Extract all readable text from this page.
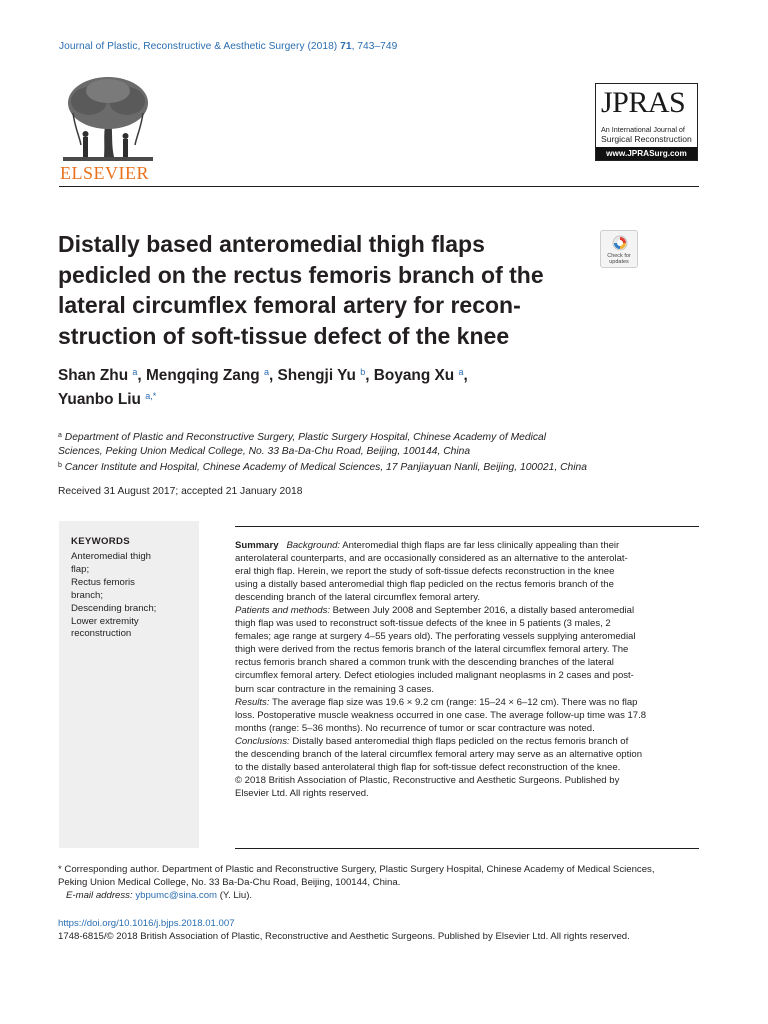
Journal of Plastic, Reconstructive & Aesthetic Surgery (2018) 71, 743–749
ELSEVIER
JPRAS
An International Journal of
Surgical Reconstruction
www.JPRASurg.com
Distally based anteromedial thigh flaps
pedicled on the rectus femoris branch of the
lateral circumflex femoral artery for recon-
struction of soft-tissue defect of the knee
Check for updates
Shan Zhu $^a$, Mengqing Zang $^a$, Shengji Yu $^b$, Boyang Xu $^a$,
Yuanbo Liu $^{a,*}$
$^a$ Department of Plastic and Reconstructive Surgery, Plastic Surgery Hospital, Chinese Academy of Medical
Sciences, Peking Union Medical College, No. 33 Ba-Da-Chu Road, Beijing, 100144, China
$^b$ Cancer Institute and Hospital, Chinese Academy of Medical Sciences, 17 Panjiayuan Nanli, Beijing, 100021, China
Received 31 August 2017; accepted 21 January 2018
KEYWORDS
Anteromedial thigh
flap;
Rectus femoris
branch;
Descending branch;
Lower extremity
reconstruction
Summary Background: Anteromedial thigh flaps are far less clinically appealing than their
anterolateral counterparts, and are occasionally considered as an alternative to the anterolat-
eral thigh flap. Herein, we report the study of soft-tissue defects reconstruction in the knee
using a distally based anteromedial thigh flap pedicled on the rectus femoris branch of the
descending branch of the lateral circumflex femoral artery.
Patients and methods: Between July 2008 and September 2016, a distally based anteromedial
thigh flap was used to reconstruct soft-tissue defects of the knee in 5 patients (3 males, 2
females; age range at surgery 4–55 years old). The perforating vessels supplying anteromedial
thigh were derived from the rectus femoris branch of the lateral circumflex femoral artery. The
rectus femoris branch shared a common trunk with the descending branches of the lateral
circumflex femoral artery. Defect etiologies included malignant neoplasms in 2 cases and post-
burn scar contracture in the remaining 3 cases.
Results: The average flap size was 19.6 × 9.2 cm (range: 15–24 × 6–12 cm). There was no flap
loss. Postoperative muscle weakness occurred in one case. The average follow-up time was 17.8
months (range: 5–36 months). No recurrence of tumor or scar contracture was noted.
Conclusions: Distally based anteromedial thigh flaps pedicled on the rectus femoris branch of
the descending branch of the lateral circumflex femoral artery may serve as an alternative option
to the distally based anterolateral thigh flap for soft-tissue defect reconstruction of the knee.
© 2018 British Association of Plastic, Reconstructive and Aesthetic Surgeons. Published by
Elsevier Ltd. All rights reserved.
* Corresponding author. Department of Plastic and Reconstructive Surgery, Plastic Surgery Hospital, Chinese Academy of Medical Sciences,
Peking Union Medical College, No. 33 Ba-Da-Chu Road, Beijing, 100144, China.
E-mail address: ybpumc@sina.com (Y. Liu).
https://doi.org/10.1016/j.bjps.2018.01.007
1748-6815/© 2018 British Association of Plastic, Reconstructive and Aesthetic Surgeons. Published by Elsevier Ltd. All rights reserved.
